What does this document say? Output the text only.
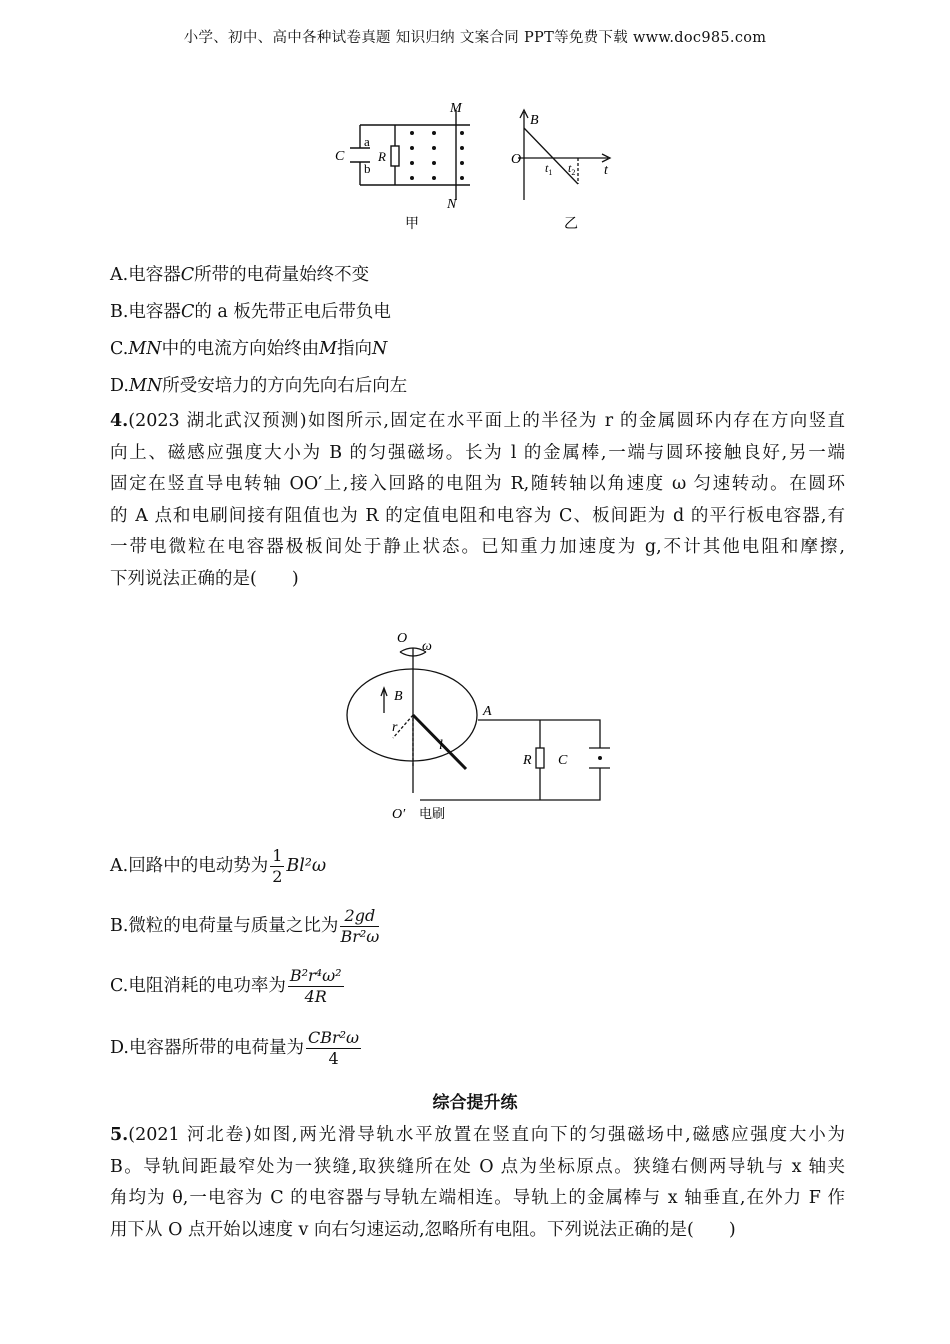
小学、初中、高中各种试卷真题 知识归纳 文案合同 PPT等免费下载 www.doc985.com
M
N
a
b
C	R
甲
B
O
t
$t_1$ $t_2$
乙
A.电容器C所带的电荷量始终不变
B.电容器C的 a 板先带正电后带负电
C.MN中的电流方向始终由M指向N
D.MN所受安培力的方向先向右后向左
4.(2023 湖北武汉预测)如图所示,固定在水平面上的半径为 r 的金属圆环内存在方向竖直
向上、磁感应强度大小为 B 的匀强磁场。长为 l 的金属棒,一端与圆环接触良好,另一端
固定在竖直导电转轴 OO′上,接入回路的电阻为 R,随转轴以角速度 ω 匀速转动。在圆环
的 A 点和电刷间接有阻值也为 R 的定值电阻和电容为 C、板间距为 d 的平行板电容器,有
一带电微粒在电容器极板间处于静止状态。已知重力加速度为 g,不计其他电阻和摩擦,

下列说法正确的是(　　)
O
ω
B
r
l
A
R C
O′ 电刷
A.回路中的电动势为 $\frac{1}{2} Bl^2\omega$
B.微粒的电荷量与质量之比为 $\frac{2gd}{\text{Br²ω}}$
C.电阻消耗的电功率为 $\frac{\text{B²r⁴ω²}}{4R}$
D.电容器所带的电荷量为 $\frac{\text{CBr²ω}}{4}$
综合提升练
5.(2021 河北卷)如图,两光滑导轨水平放置在竖直向下的匀强磁场中,磁感应强度大小为
B。导轨间距最窄处为一狭缝,取狭缝所在处 O 点为坐标原点。狭缝右侧两导轨与 x 轴夹
角均为 θ,一电容为 C 的电容器与导轨左端相连。导轨上的金属棒与 x 轴垂直,在外力 F 作

用下从 O 点开始以速度 v 向右匀速运动,忽略所有电阻。下列说法正确的是(　　)
